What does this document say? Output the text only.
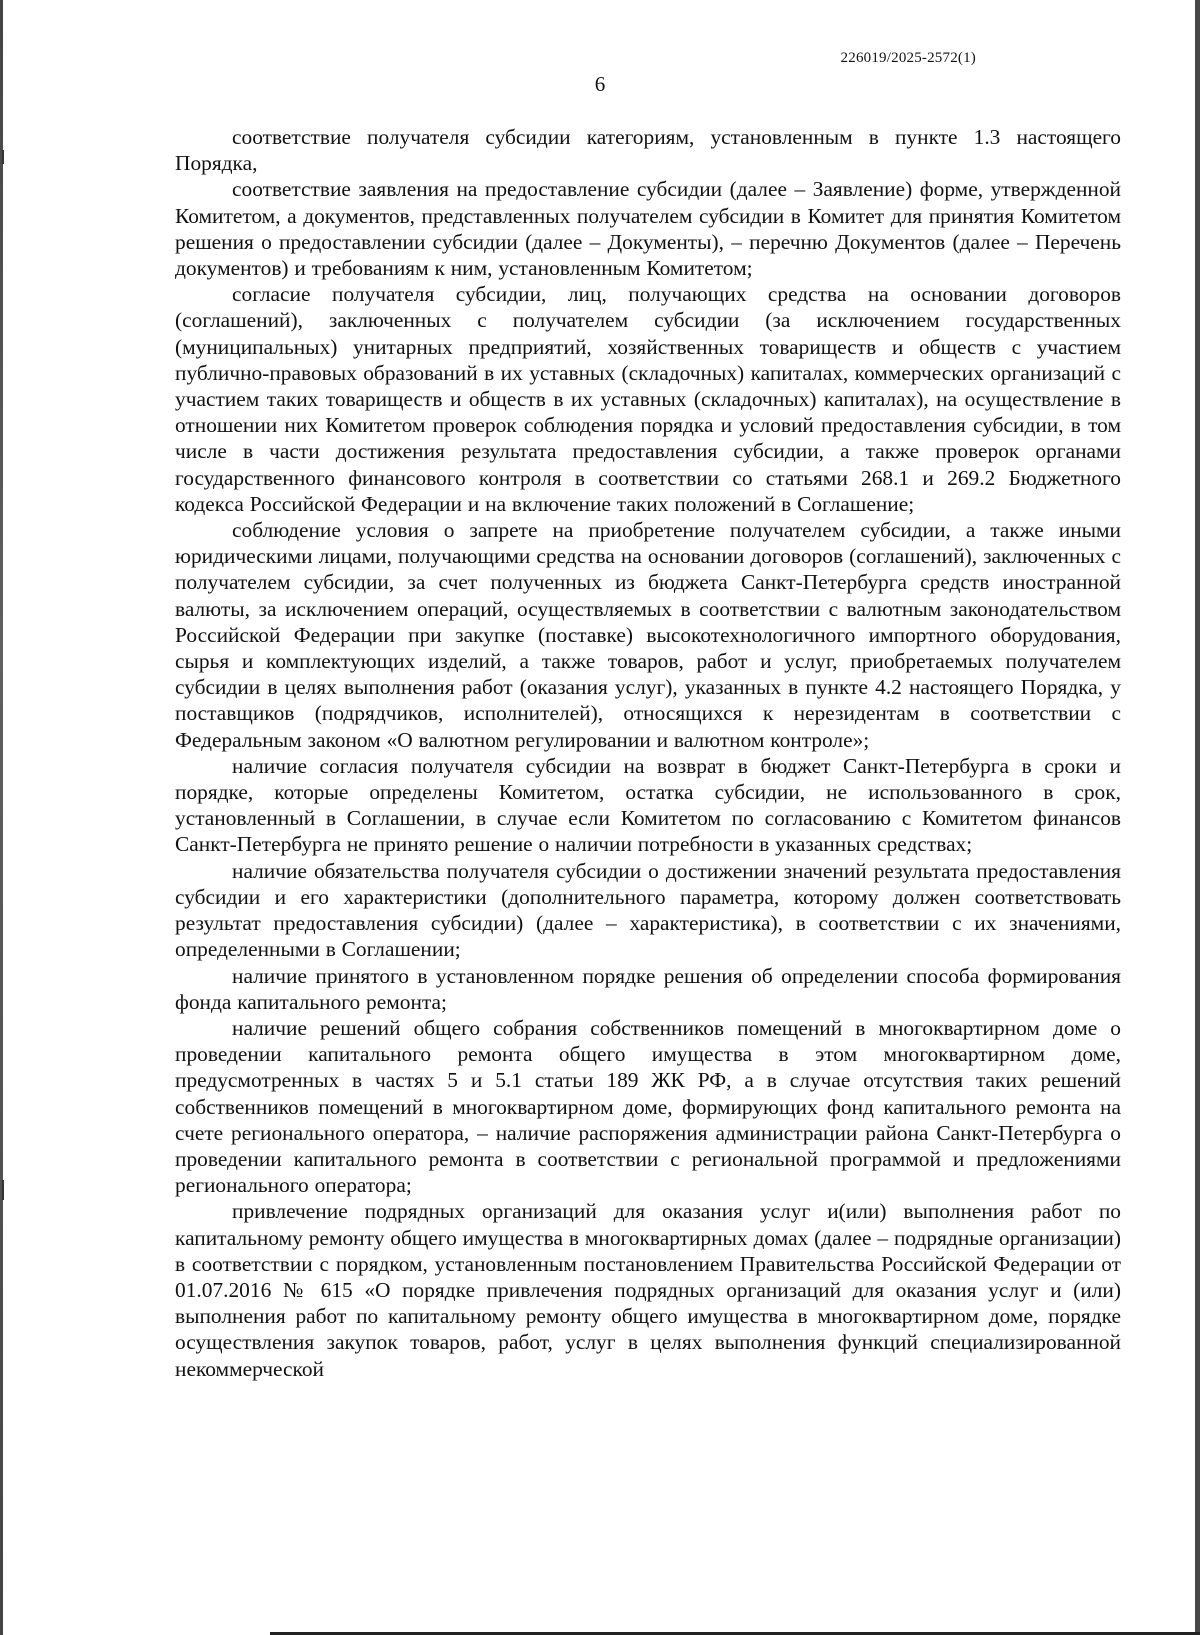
226019/2025-2572(1)
6

соответствие получателя субсидии категориям, установленным в пункте 1.3 настоящего Порядка,

соответствие заявления на предоставление субсидии (далее – Заявление) форме, утвержденной Комитетом, а документов, представленных получателем субсидии в Комитет для принятия Комитетом решения о предоставлении субсидии (далее – Документы), – перечню Документов (далее – Перечень документов) и требованиям к ним, установленным Комитетом;

согласие получателя субсидии, лиц, получающих средства на основании договоров (соглашений), заключенных с получателем субсидии (за исключением государственных (муниципальных) унитарных предприятий, хозяйственных товариществ и обществ с участием публично-правовых образований в их уставных (складочных) капиталах, коммерческих организаций с участием таких товариществ и обществ в их уставных (складочных) капиталах), на осуществление в отношении них Комитетом проверок соблюдения порядка и условий предоставления субсидии, в том числе в части достижения результата предоставления субсидии, а также проверок органами государственного финансового контроля в соответствии со статьями 268.1 и 269.2 Бюджетного кодекса Российской Федерации и на включение таких положений в Соглашение;

соблюдение условия о запрете на приобретение получателем субсидии, а также иными юридическими лицами, получающими средства на основании договоров (соглашений), заключенных с получателем субсидии, за счет полученных из бюджета Санкт-Петербурга средств иностранной валюты, за исключением операций, осуществляемых в соответствии с валютным законодательством Российской Федерации при закупке (поставке) высокотехнологичного импортного оборудования, сырья и комплектующих изделий, а также товаров, работ и услуг, приобретаемых получателем субсидии в целях выполнения работ (оказания услуг), указанных в пункте 4.2 настоящего Порядка, у поставщиков (подрядчиков, исполнителей), относящихся к нерезидентам в соответствии с Федеральным законом «О валютном регулировании и валютном контроле»;

наличие согласия получателя субсидии на возврат в бюджет Санкт-Петербурга в сроки и порядке, которые определены Комитетом, остатка субсидии, не использованного в срок, установленный в Соглашении, в случае если Комитетом по согласованию с Комитетом финансов Санкт-Петербурга не принято решение о наличии потребности в указанных средствах;

наличие обязательства получателя субсидии о достижении значений результата предоставления субсидии и его характеристики (дополнительного параметра, которому должен соответствовать результат предоставления субсидии) (далее – характеристика), в соответствии с их значениями, определенными в Соглашении;

наличие принятого в установленном порядке решения об определении способа формирования фонда капитального ремонта;

наличие решений общего собрания собственников помещений в многоквартирном доме о проведении капитального ремонта общего имущества в этом многоквартирном доме, предусмотренных в частях 5 и 5.1 статьи 189 ЖК РФ, а в случае отсутствия таких решений собственников помещений в многоквартирном доме, формирующих фонд капитального ремонта на счете регионального оператора, – наличие распоряжения администрации района Санкт-Петербурга о проведении капитального ремонта в соответствии с региональной программой и предложениями регионального оператора;

привлечение подрядных организаций для оказания услуг и(или) выполнения работ по капитальному ремонту общего имущества в многоквартирных домах (далее – подрядные организации) в соответствии с порядком, установленным постановлением Правительства Российской Федерации от 01.07.2016 № 615 «О порядке привлечения подрядных организаций для оказания услуг и (или) выполнения работ по капитальному ремонту общего имущества в многоквартирном доме, порядке осуществления закупок товаров, работ, услуг в целях выполнения функций специализированной некоммерческой
